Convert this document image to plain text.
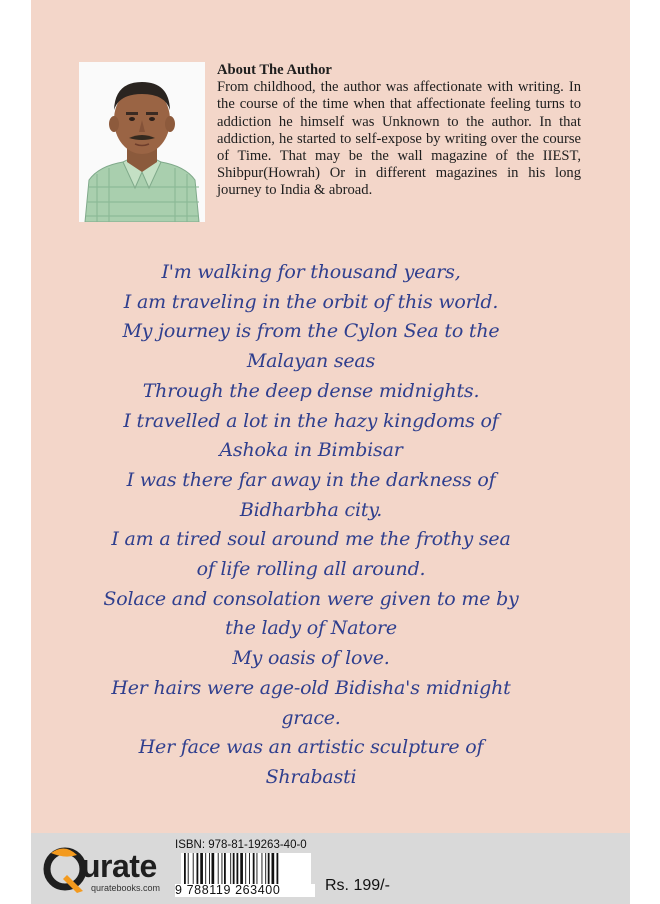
About The Author

From childhood, the author was affectionate with writing. In the course of the time when that affectionate feeling turns to addiction he himself was Unknown to the author. In that addiction, he started to self-expose by writing over the course of Time. That may be the wall magazine of the IIEST, Shibpur(Howrah) Or in different magazines in his long journey to India & abroad.

I'm walking for thousand years,
I am traveling in the orbit of this world.
My journey is from the Cylon Sea to the
Malayan seas
Through the deep dense midnights.
I travelled a lot in the hazy kingdoms of
Ashoka in Bimbisar
I was there far away in the darkness of
Bidharbha city.
I am a tired soul around me the frothy sea
of life rolling all around.
Solace and consolation were given to me by
the lady of Natore
My oasis of love.
Her hairs were age-old Bidisha's midnight
grace.
Her face was an artistic sculpture of
Shrabasti
urate
quratebooks.com
ISBN: 978-81-19263-40-0
9 788119 263400	Rs. 199/-
